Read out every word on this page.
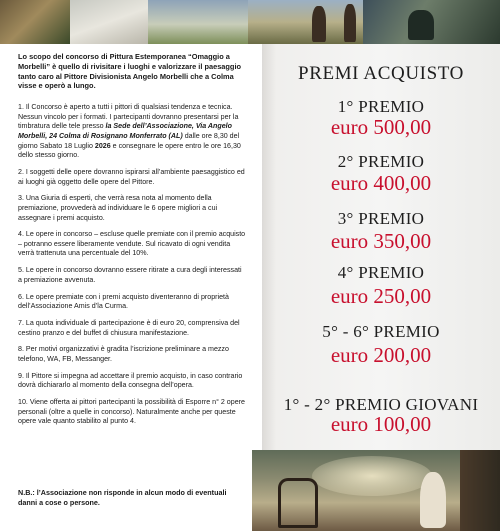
Lo scopo del concorso di Pittura Estemporanea “Omaggio a Morbelli” è quello di rivisitare i luoghi e valorizzare il paesaggio tanto caro al Pittore Divisionista Angelo Morbelli che a Colma visse e operò a lungo.

1. Il Concorso è aperto a tutti i pittori di qualsiasi tendenza e tecnica. Nessun vincolo per i formati. I partecipanti dovranno presentarsi per la timbratura delle tele presso la Sede dell’Associazione, Via Angelo Morbelli, 24 Colma di Rosignano Monferrato (AL) dalle ore 8,30 del giorno Sabato 18 Luglio 2026 e consegnare le opere entro le ore 16,30 dello stesso giorno.

2. I soggetti delle opere dovranno ispirarsi all’ambiente paesaggistico ed ai luoghi già oggetto delle opere del Pittore.

3. Una Giuria di esperti, che verrà resa nota al momento della premiazione, provvederà ad individuare le 6 opere migliori a cui assegnare i premi acquisto.

4. Le opere in concorso – escluse quelle premiate con il premio acquisto – potranno essere liberamente vendute. Sul ricavato di ogni vendita verrà trattenuta una percentuale del 10%.

5. Le opere in concorso dovranno essere ritirate a cura degli interessati a premiazione avvenuta.

6. Le opere premiate con i premi acquisto diventeranno di proprietà dell’Associazione Amis d’la Curma.

7. La quota individuale di partecipazione è di euro 20, comprensiva del cestino pranzo e del buffet di chiusura manifestazione.

8. Per motivi organizzativi è gradita l’iscrizione preliminare a mezzo telefono, WA, FB, Messanger.

9. Il Pittore si impegna ad accettare il premio acquisto, in caso contrario dovrà dichiararlo al momento della consegna dell’opera.

10. Viene offerta ai pittori partecipanti la possibilità di Esporre n° 2 opere personali (oltre a quelle in concorso). Naturalmente anche per queste opere vale quanto stabilito al punto 4.

N.B.: l’Associazione non risponde in alcun modo di eventuali danni a cose o persone.

PREMI ACQUISTO
1° PREMIO
euro 500,00
2° PREMIO
euro 400,00
3° PREMIO
euro 350,00
4° PREMIO
euro 250,00
5° - 6° PREMIO
euro 200,00
1° - 2° PREMIO GIOVANI
euro 100,00
